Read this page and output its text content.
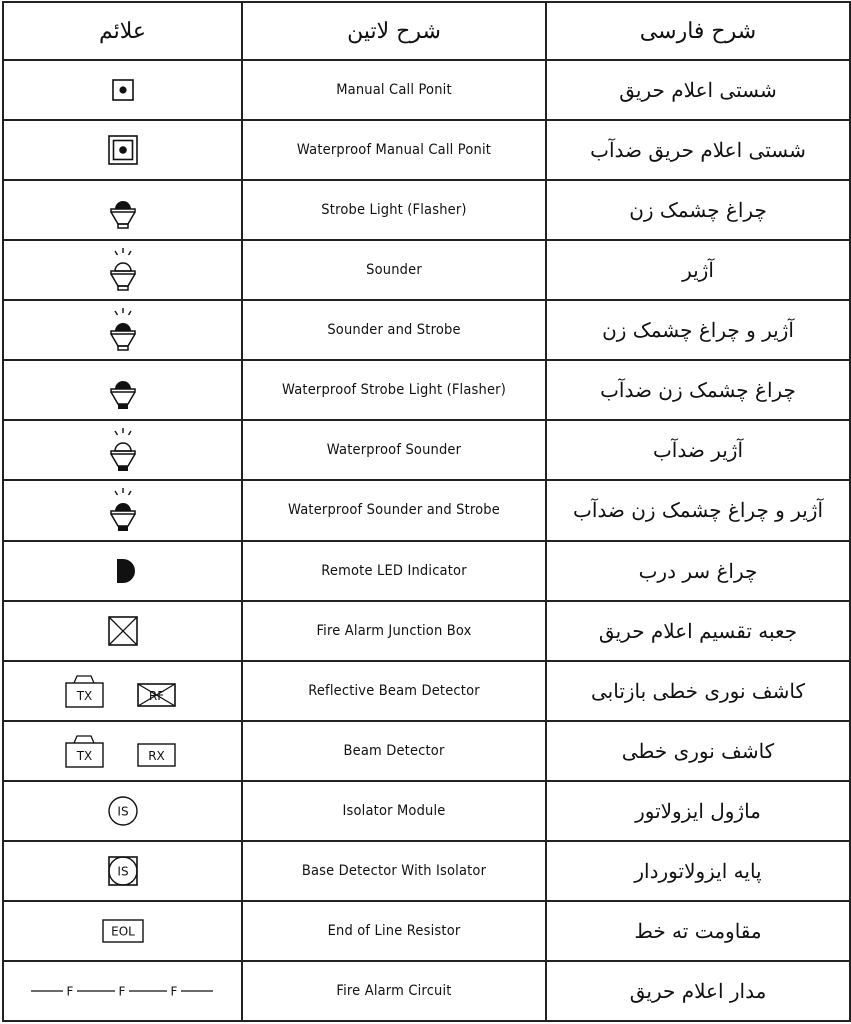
علائم	شرح لاتین	شرح فارسی

	Manual Call Ponit	شستی اعلام حریق

	Waterproof Manual Call Ponit	شستی اعلام حریق ضدآب

	Strobe Light (Flasher)	چراغ چشمک زن

	Sounder	آژیر

	Sounder and Strobe	آژیر و چراغ چشمک زن

	Waterproof Strobe Light (Flasher)	چراغ چشمک زن ضدآب

	Waterproof Sounder	آژیر ضدآب

	Waterproof Sounder and Strobe	آژیر و چراغ چشمک زن ضدآب

	Remote LED Indicator	چراغ سر درب

	Fire Alarm Junction Box	جعبه تقسیم اعلام حریق

TX RF	Reflective Beam Detector	کاشف نوری خطی بازتابی

TX RX	Beam Detector	کاشف نوری خطی

IS	Isolator Module	ماژول ایزولاتور

IS	Base Detector With Isolator	پایه ایزولاتوردار

EOL	End of Line Resistor	مقاومت ته خط

F F F	Fire Alarm Circuit	مدار اعلام حریق
